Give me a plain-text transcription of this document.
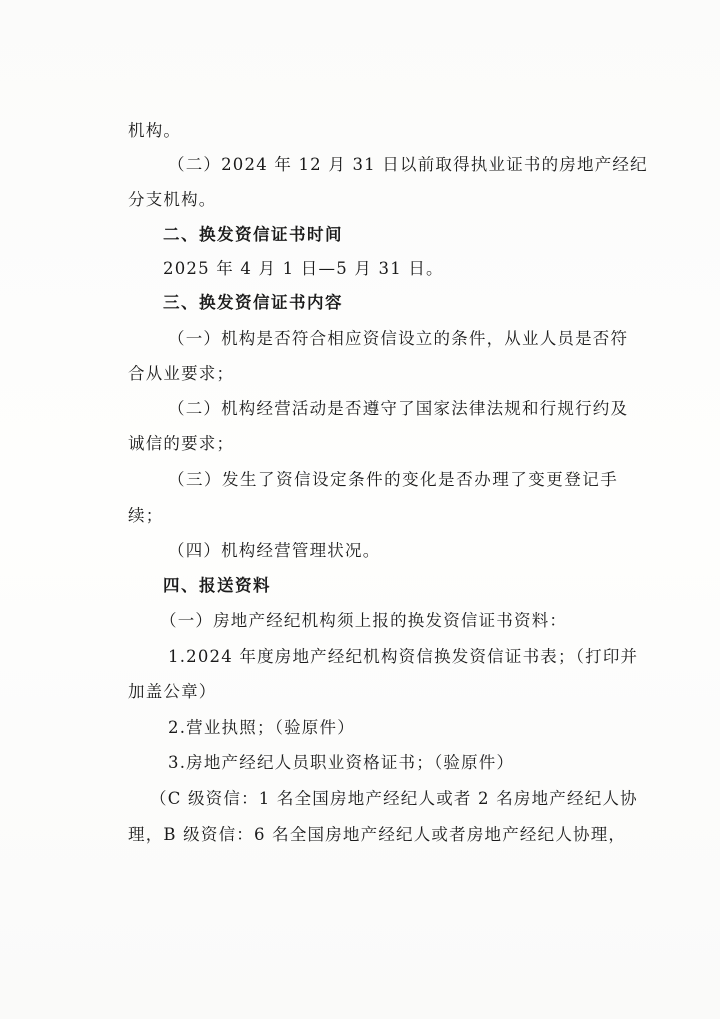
机构。
（二）2024 年 12 月 31 日以前取得执业证书的房地产经纪
分支机构。
二、换发资信证书时间
2025 年 4 月 1 日—5 月 31 日。
三、换发资信证书内容
（一）机构是否符合相应资信设立的条件，从业人员是否符
合从业要求；
（二）机构经营活动是否遵守了国家法律法规和行规行约及
诚信的要求；
（三）发生了资信设定条件的变化是否办理了变更登记手
续；
（四）机构经营管理状况。
四、报送资料
（一）房地产经纪机构须上报的换发资信证书资料：
1.2024 年度房地产经纪机构资信换发资信证书表；（打印并
加盖公章）
2.营业执照；（验原件）
3.房地产经纪人员职业资格证书；（验原件）
（C 级资信：1 名全国房地产经纪人或者 2 名房地产经纪人协
理，B 级资信：6 名全国房地产经纪人或者房地产经纪人协理，
